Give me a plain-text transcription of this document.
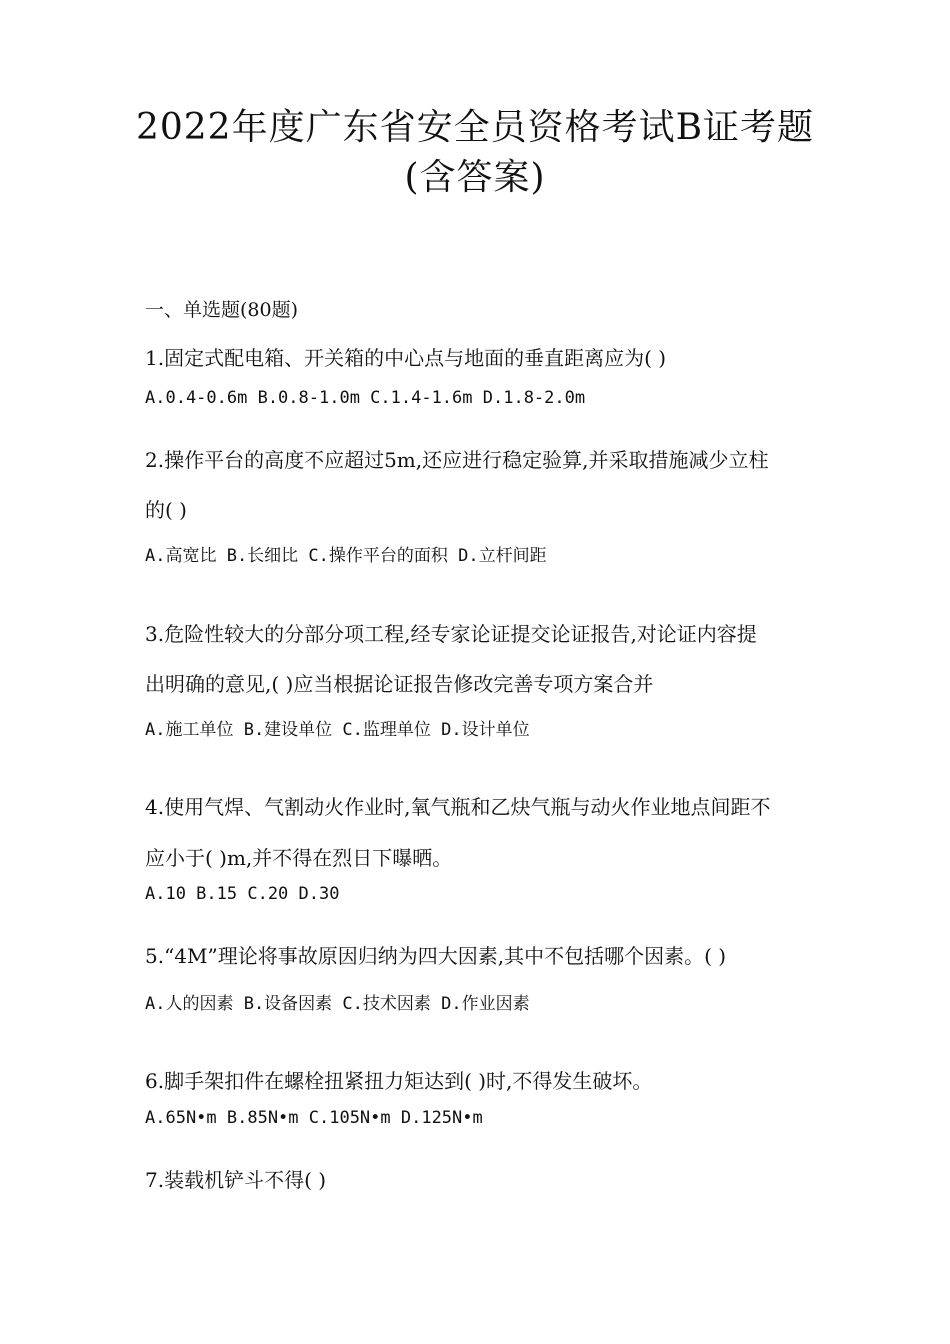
2022年度广东省安全员资格考试B证考题
(含答案)
一、单选题(80题)
1.固定式配电箱、开关箱的中心点与地面的垂直距离应为( )
A.0.4-0.6m B.0.8-1.0m C.1.4-1.6m D.1.8-2.0m
2.操作平台的高度不应超过5m,还应进行稳定验算,并采取措施减少立柱
的( )
A.高宽比 B.长细比 C.操作平台的面积 D.立杆间距
3.危险性较大的分部分项工程,经专家论证提交论证报告,对论证内容提
出明确的意见,( )应当根据论证报告修改完善专项方案合并
A.施工单位 B.建设单位 C.监理单位 D.设计单位
4.使用气焊、气割动火作业时,氧气瓶和乙炔气瓶与动火作业地点间距不
应小于( )m,并不得在烈日下曝晒。
A.10 B.15 C.20 D.30
5.“4M”理论将事故原因归纳为四大因素,其中不包括哪个因素。( )
A.人的因素 B.设备因素 C.技术因素 D.作业因素
6.脚手架扣件在螺栓扭紧扭力矩达到( )时,不得发生破坏。
A.65N•m B.85N•m C.105N•m D.125N•m
7.装载机铲斗不得( )
